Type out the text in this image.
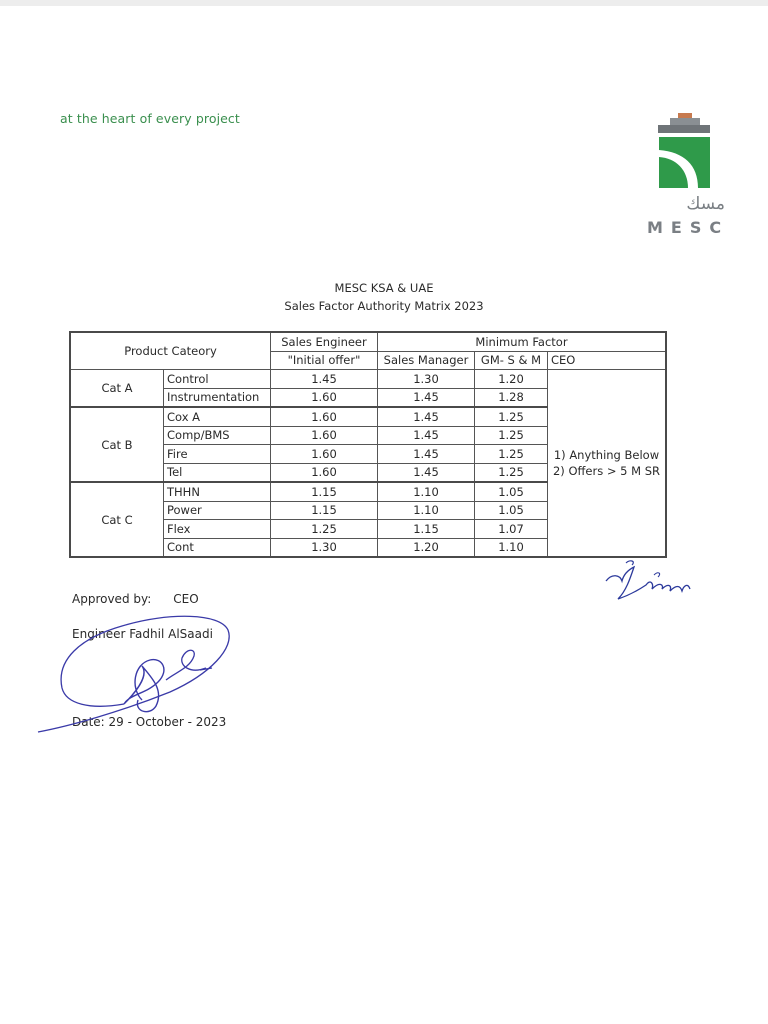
at the heart of every project
مسك
MESC
MESC KSA & UAE
Sales Factor Authority Matrix 2023
Product Cateory		Sales Engineer	Minimum Factor		
		"Initial offer"	Sales Manager	GM- S & M	CEO
Cat A	Control	1.45	1.30	1.20	1) Anything Below
2) Offers > 5 M SR

	Instrumentation	1.60	1.45	1.28	
Cat B	Cox A	1.60	1.45	1.25	
	Comp/BMS	1.60	1.45	1.25	
	Fire	1.60	1.45	1.25	
	Tel	1.60	1.45	1.25	
Cat C	THHN	1.15	1.10	1.05	
	Power	1.15	1.10	1.05	
	Flex	1.25	1.15	1.07	
	Cont	1.30	1.20	1.10	
Approved by: CEO
Engineer Fadhil AlSaadi
Date: 29 - October - 2023
